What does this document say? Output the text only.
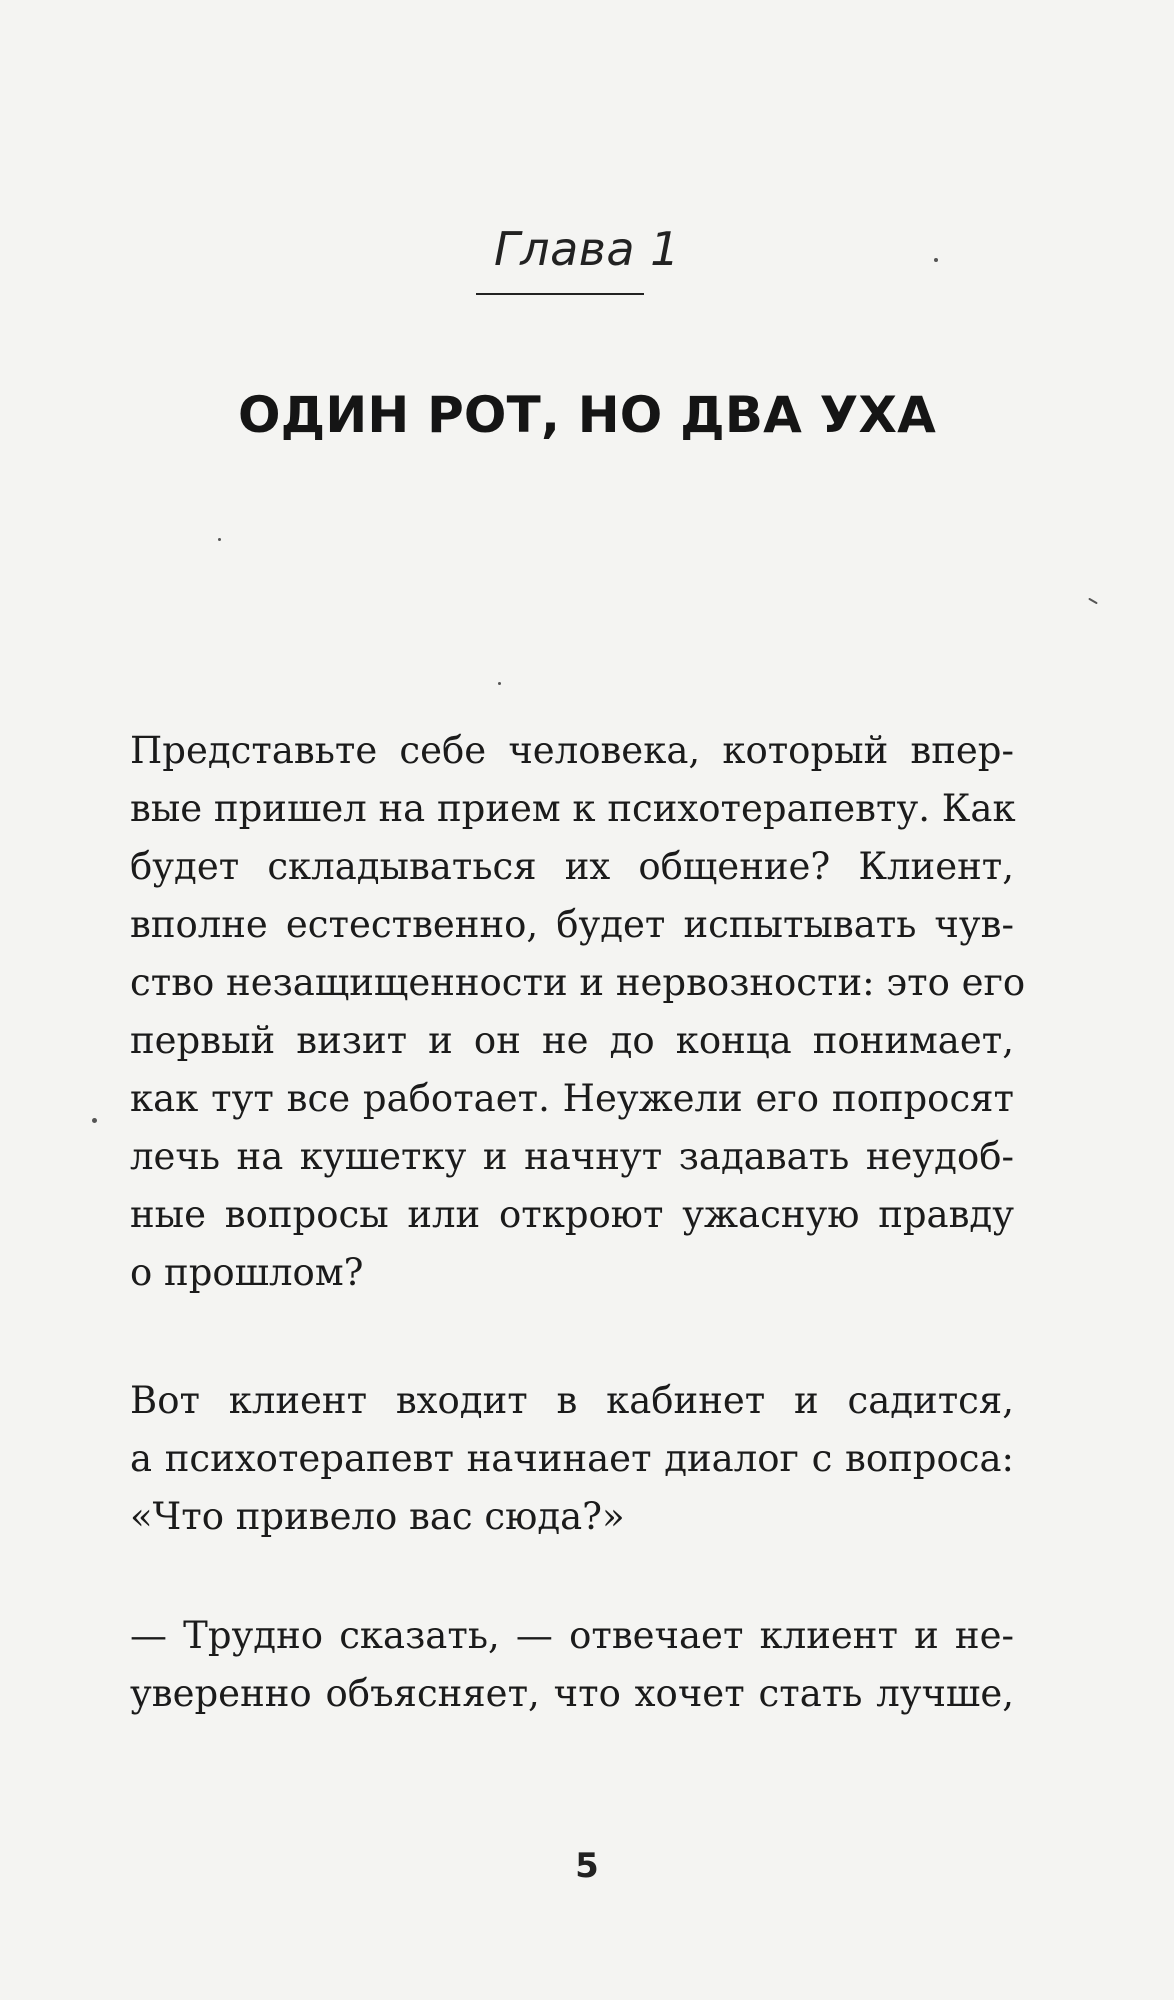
Глава 1
ОДИН РОТ, НО ДВА УХА
Представьте себе человека, который впер-
вые пришел на прием к психотерапевту. Как
будет складываться их общение? Клиент,
вполне естественно, будет испытывать чув-
ство незащищенности и нервозности: это его
первый визит и он не до конца понимает,
как тут все работает. Неужели его попросят
лечь на кушетку и начнут задавать неудоб-
ные вопросы или откроют ужасную правду
о прошлом?
Вот клиент входит в кабинет и садится,
а психотерапевт начинает диалог с вопроса:
«Что привело вас сюда?»
— Трудно сказать, — отвечает клиент и не-
уверенно объясняет, что хочет стать лучше,
5
